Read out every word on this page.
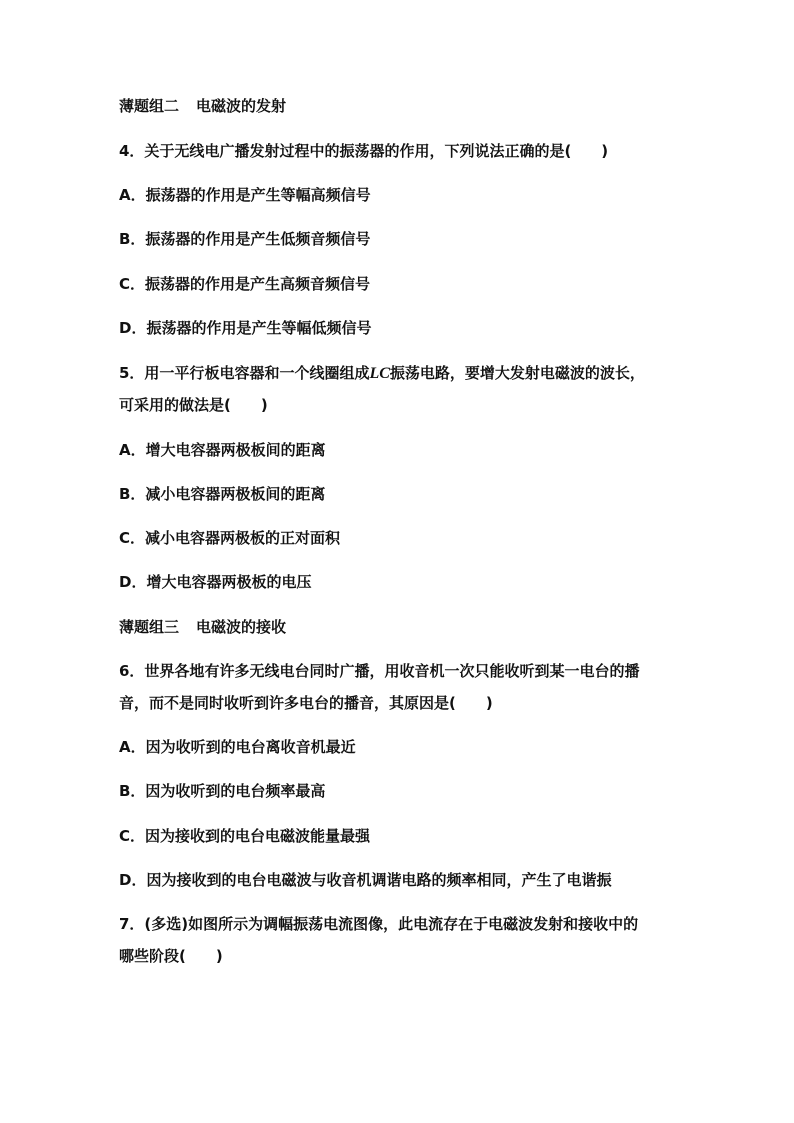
薄题组二 电磁波的发射
4．关于无线电广播发射过程中的振荡器的作用，下列说法正确的是(　　)
A．振荡器的作用是产生等幅高频信号
B．振荡器的作用是产生低频音频信号
C．振荡器的作用是产生高频音频信号
D．振荡器的作用是产生等幅低频信号
5．用一平行板电容器和一个线圈组成LC振荡电路，要增大发射电磁波的波长，
可采用的做法是(　　)
A．增大电容器两极板间的距离
B．减小电容器两极板间的距离
C．减小电容器两极板的正对面积
D．增大电容器两极板的电压
薄题组三 电磁波的接收
6．世界各地有许多无线电台同时广播，用收音机一次只能收听到某一电台的播
音，而不是同时收听到许多电台的播音，其原因是(　　)
A．因为收听到的电台离收音机最近
B．因为收听到的电台频率最高
C．因为接收到的电台电磁波能量最强
D．因为接收到的电台电磁波与收音机调谐电路的频率相同，产生了电谐振
7．(多选)如图所示为调幅振荡电流图像，此电流存在于电磁波发射和接收中的
哪些阶段(　　)
